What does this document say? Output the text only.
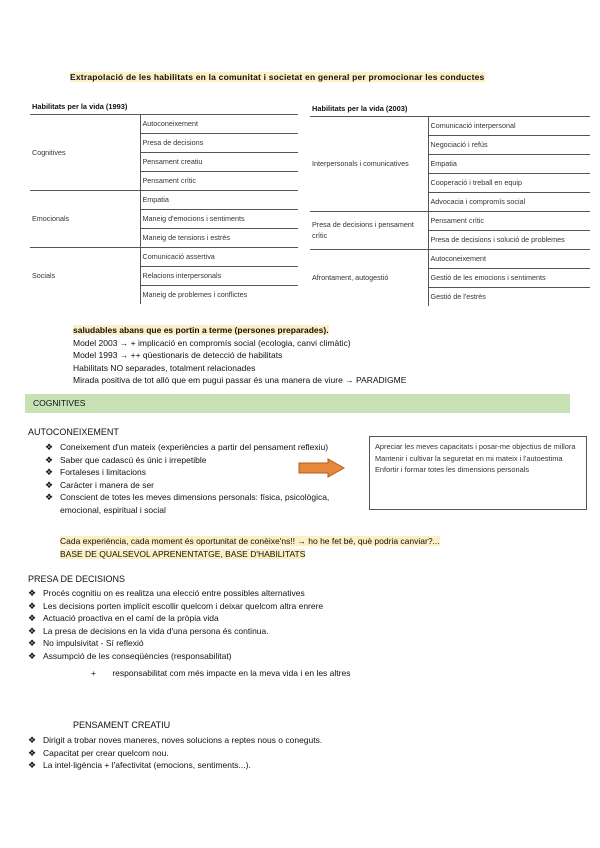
Extrapolació de les habilitats en la comunitat i societat en general per promocionar les conductes
Habilitats per la vida (1993)	
Cognitives	Autoconeixement
	Presa de decisions
	Pensament creatiu
	Pensament crític
Emocionals	Empatia
	Maneig d'emocions i sentiments
	Maneig de tensions i estrès
Socials	Comunicació assertiva
	Relacions interpersonals
	Maneig de problemes i conflictes
Habilitats per la vida (2003)	
Interpersonals i comunicatives	Comunicació interpersonal
	Negociació i refús
	Empatia
	Cooperació i treball en equip
	Advocacia i compromís social
Presa de decisions i pensament crític	Pensament crític
	Presa de decisions i solució de problemes
Afrontament, autogestió	Autoconeixement
	Gestió de les emocions i sentiments
	Gestió de l'estrès
saludables abans que es portin a terme (persones preparades).
Model 2003 → + implicació en compromís social (ecologia, canvi climàtic)
Model 1993 → ++ qüestionaris de detecció de habilitats
Habilitats NO separades, totalment relacionades
Mirada positiva de tot allò que em pugui passar és una manera de viure → PARADIGME
COGNITIVES
AUTOCONEIXEMENT
❖ Coneixement d'un mateix (experiències a partir del pensament reflexiu)
❖ Saber que cadascú és únic i irrepetible
❖ Fortaleses i limitacions
❖ Caràcter i manera de ser
❖ Conscient de totes les meves dimensions personals: física, psicològica, emocional, espiritual i social
Cada experiència, cada moment és oportunitat de conèixe'ns!! → ho he fet bé, què podria canviar?...
BASE DE QUALSEVOL APRENENTATGE, BASE D'HABILITATS
Apreciar les meves capacitats i posar-me objectius de millora
Mantenir i cultivar la seguretat en mi mateix i l'autoestima
Enfortir i formar totes les dimensions personals
PRESA DE DECISIONS
❖ Procés cognitiu on es realitza una elecció entre possibles alternatives
❖ Les decisions porten implícit escollir quelcom i deixar quelcom altra enrere
❖ Actuació proactiva en el camí de la pròpia vida
❖ La presa de decisions en la vida d'una persona és continua.
❖ No impulsivitat - Sí reflexió
❖ Assumpció de les conseqüències (responsabilitat)
+ responsabilitat com més impacte en la meva vida i en les altres
PENSAMENT CREATIU
❖ Dirigit a trobar noves maneres, noves solucions a reptes nous o coneguts.
❖ Capacitat per crear quelcom nou.
❖ La intel·ligència + l'afectivitat (emocions, sentiments...).
